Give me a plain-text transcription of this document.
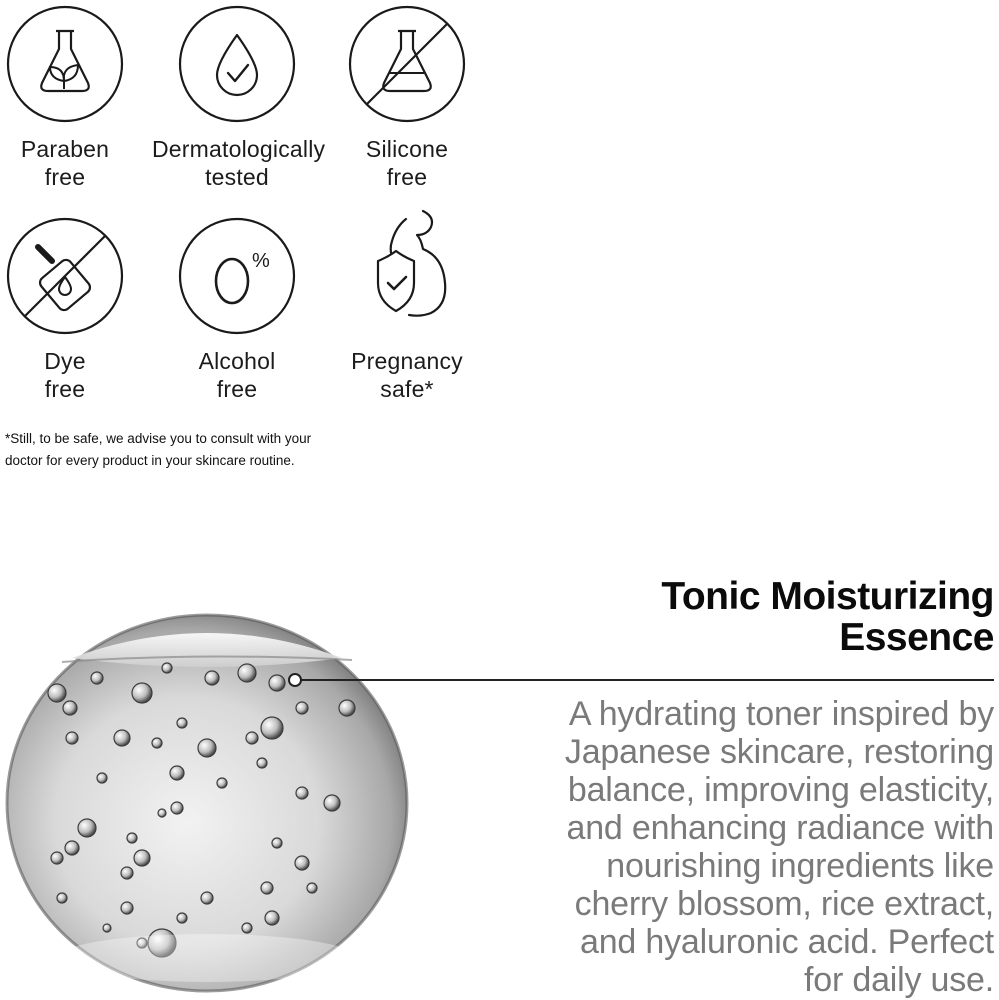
Paraben
free
Dermatologically
tested
Silicone
free
Dye
free
%
Alcohol
free
Pregnancy
safe*
*Still, to be safe, we advise you to consult with your
doctor for every product in your skincare routine.
Tonic Moisturizing
Essence
A hydrating toner inspired by
Japanese skincare, restoring
balance, improving elasticity,
and enhancing radiance with
nourishing ingredients like
cherry blossom, rice extract,
and hyaluronic acid. Perfect
for daily use.
